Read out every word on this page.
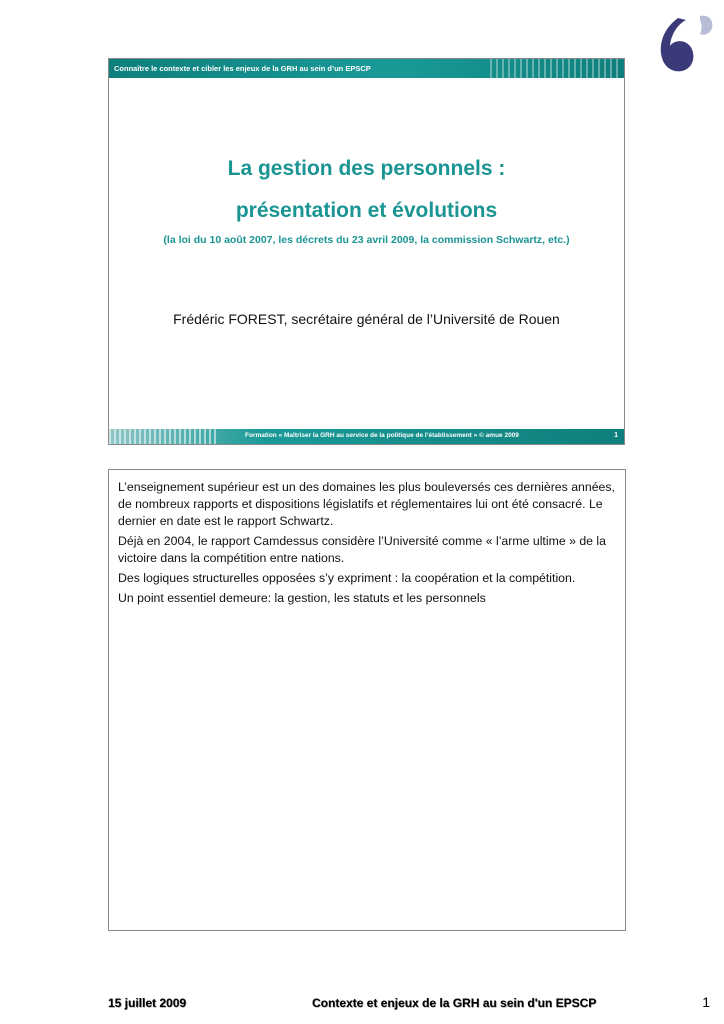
Connaître le contexte et cibler les enjeux de la GRH au sein d’un EPSCP
La gestion des personnels :
présentation et évolutions
(la loi du 10 août 2007, les décrets du 23 avril 2009, la commission Schwartz, etc.)
Frédéric FOREST, secrétaire général de l’Université de Rouen
Formation « Maîtriser la GRH au service de la politique de l’établissement » © amue 2009	1

L’enseignement supérieur est un des domaines les plus bouleversés ces dernières années, de nombreux rapports et dispositions législatifs et réglementaires lui ont été consacré. Le dernier en date est le rapport Schwartz.

Déjà en 2004, le rapport Camdessus considère l’Université comme « l’arme ultime » de la victoire dans la compétition entre nations.

Des logiques structurelles opposées s’y expriment : la coopération et la compétition.

Un point essentiel demeure: la gestion, les statuts et les personnels

15 juillet 2009	Contexte et enjeux de la GRH au sein d'un EPSCP	1
